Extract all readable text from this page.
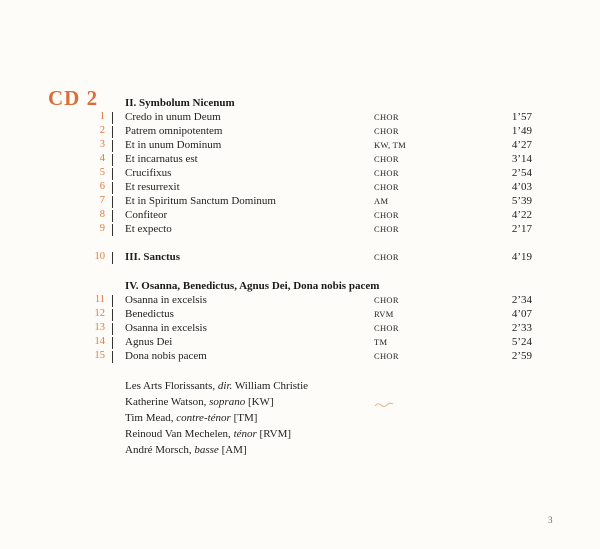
CD 2 II. Symbolum Nicenum
1 Credo in unum Deum	CHOR	1’57
2 Patrem omnipotentem	CHOR	1’49
3 Et in unum Dominum	KW, TM	4’27
4 Et incarnatus est	CHOR	3’14
5 Crucifixus	CHOR	2’54
6 Et resurrexit	CHOR	4’03
7 Et in Spiritum Sanctum Dominum	AM	5’39
8 Confiteor	CHOR	4’22
9 Et expecto	CHOR	2’17
10 III. Sanctus	CHOR	4’19
IV. Osanna, Benedictus, Agnus Dei, Dona nobis pacem
11 Osanna in excelsis	CHOR	2’34
12 Benedictus	RVM	4’07
13 Osanna in excelsis	CHOR	2’33
14 Agnus Dei	TM	5’24
15 Dona nobis pacem	CHOR	2’59
Les Arts Florissants, dir. William Christie
Katherine Watson, soprano [KW]
Tim Mead, contre-ténor [TM]
Reinoud Van Mechelen, ténor [RVM]
André Morsch, basse [AM]
3
